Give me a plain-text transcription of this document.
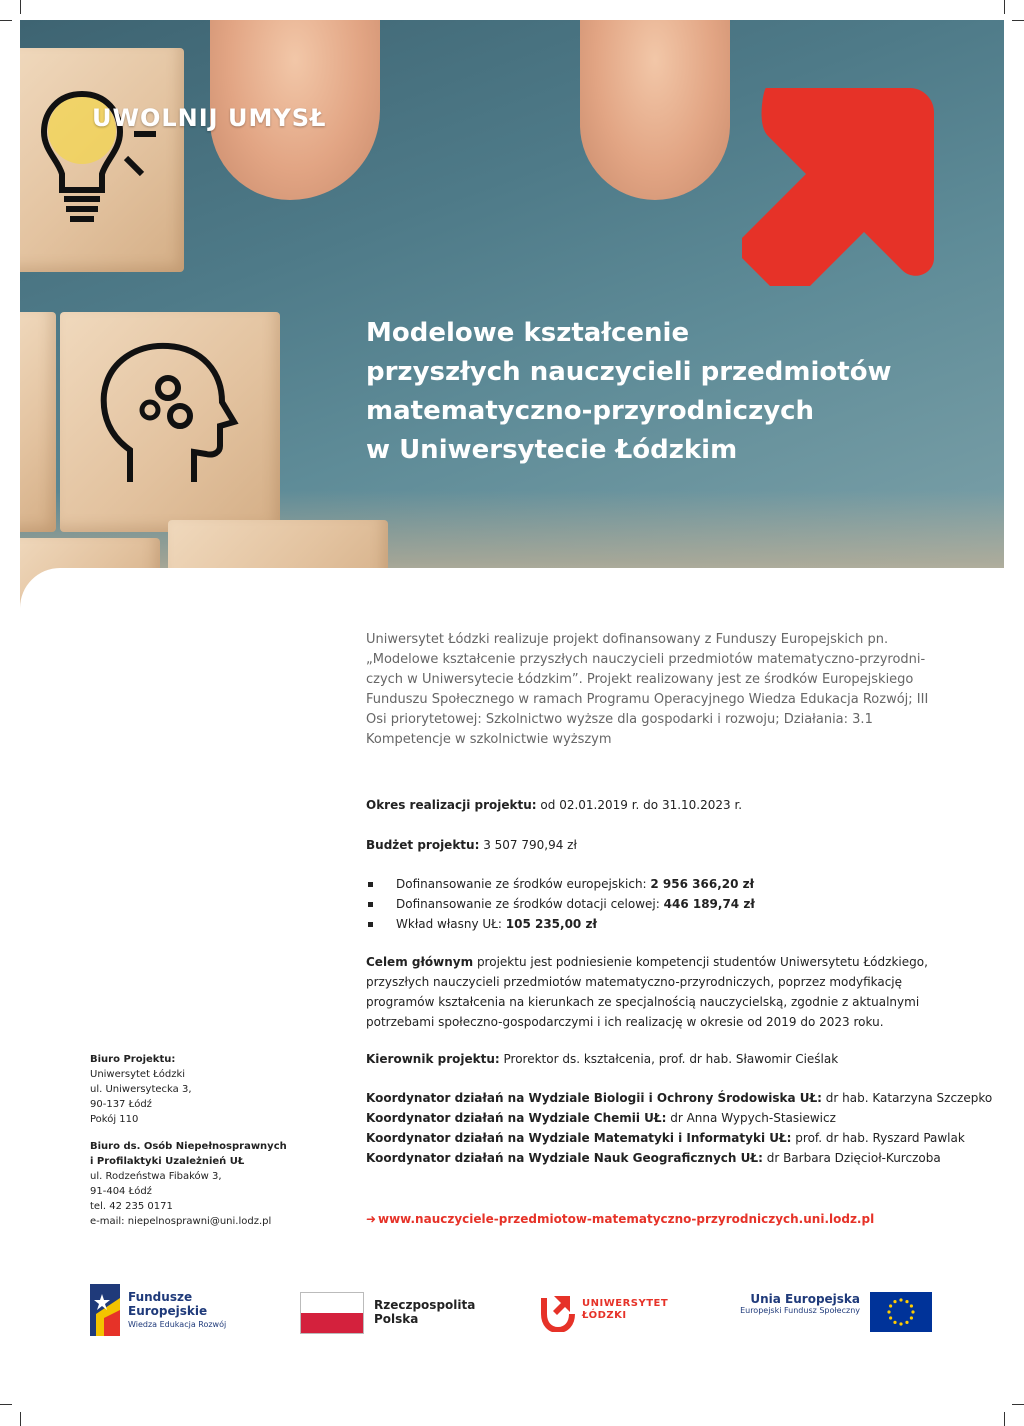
UWOLNIJ UMYSŁ
Modelowe kształcenie
przyszłych nauczycieli przedmiotów
matematyczno-przyrodniczych
w Uniwersytecie Łódzkim
Uniwersytet Łódzki realizuje projekt dofinansowany z Funduszy Europejskich pn. „Modelowe kształcenie przyszłych nauczycieli przedmiotów matematyczno-przyrodni-czych w Uniwersytecie Łódzkim”. Projekt realizowany jest ze środków Europejskiego Funduszu Społecznego w ramach Programu Operacyjnego Wiedza Edukacja Rozwój; III Osi priorytetowej: Szkolnictwo wyższe dla gospodarki i rozwoju; Działania: 3.1 Kompetencje w szkolnictwie wyższym
Okres realizacji projektu: od 02.01.2019 r. do 31.10.2023 r.
Budżet projektu: 3 507 790,94 zł
Dofinansowanie ze środków europejskich: 2 956 366,20 zł
Dofinansowanie ze środków dotacji celowej: 446 189,74 zł
Wkład własny UŁ: 105 235,00 zł
Celem głównym projektu jest podniesienie kompetencji studentów Uniwersytetu Łódzkiego, przyszłych nauczycieli przedmiotów matematyczno-przyrodniczych, poprzez modyfikację programów kształcenia na kierunkach ze specjalnością nauczycielską, zgodnie z aktualnymi potrzebami społeczno-gospodarczymi i ich realizację w okresie od 2019 do 2023 roku.
Kierownik projektu: Prorektor ds. kształcenia, prof. dr hab. Sławomir Cieślak
Koordynator działań na Wydziale Biologii i Ochrony Środowiska UŁ: dr hab. Katarzyna Szczepko
Koordynator działań na Wydziale Chemii UŁ: dr Anna Wypych-Stasiewicz
Koordynator działań na Wydziale Matematyki i Informatyki UŁ: prof. dr hab. Ryszard Pawlak
Koordynator działań na Wydziale Nauk Geograficznych UŁ: dr Barbara Dzięcioł-Kurczoba
➜ www.nauczyciele-przedmiotow-matematyczno-przyrodniczych.uni.lodz.pl
Biuro Projektu:
Uniwersytet Łódzki
ul. Uniwersytecka 3,
90-137 Łódź
Pokój 110
Biuro ds. Osób Niepełnosprawnych
i Profilaktyki Uzależnień UŁ
ul. Rodzeństwa Fibaków 3,
91-404 Łódź
tel. 42 235 0171
e-mail: niepelnosprawni@uni.lodz.pl
Fundusze
Europejskie
Wiedza Edukacja Rozwój
Rzeczpospolita
Polska
UNIWERSYTET
ŁÓDZKI
Unia Europejska
Europejski Fundusz Społeczny
